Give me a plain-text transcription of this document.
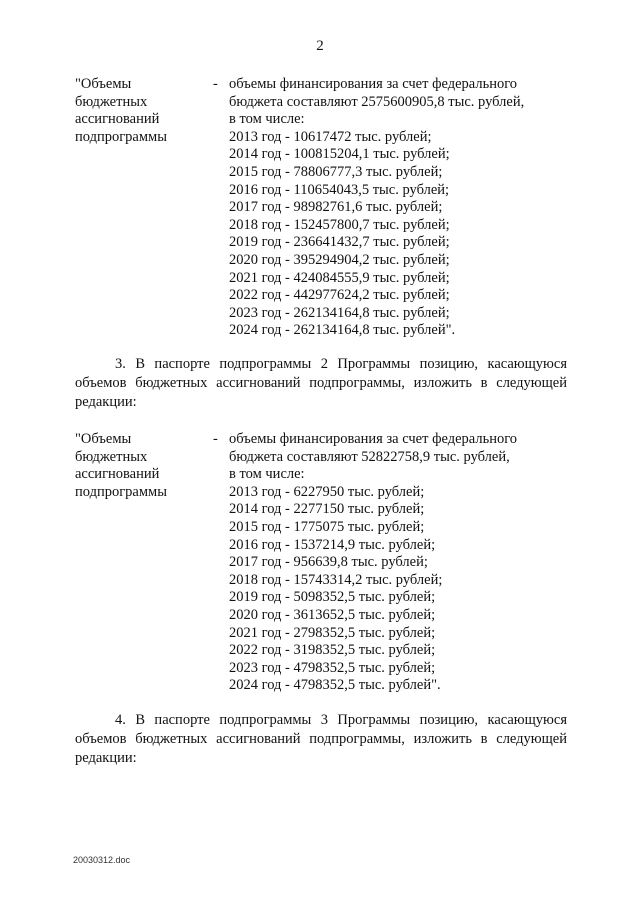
2
"Объемы
бюджетных
ассигнований
подпрограммы
- объемы финансирования за счет федерального
бюджета составляют 2575600905,8 тыс. рублей,
в том числе:
2013 год - 10617472 тыс. рублей;
2014 год - 100815204,1 тыс. рублей;
2015 год - 78806777,3 тыс. рублей;
2016 год - 110654043,5 тыс. рублей;
2017 год - 98982761,6 тыс. рублей;
2018 год - 152457800,7 тыс. рублей;
2019 год - 236641432,7 тыс. рублей;
2020 год - 395294904,2 тыс. рублей;
2021 год - 424084555,9 тыс. рублей;
2022 год - 442977624,2 тыс. рублей;
2023 год - 262134164,8 тыс. рублей;
2024 год - 262134164,8 тыс. рублей".
3. В паспорте подпрограммы 2 Программы позицию, касающуюся
объемов бюджетных ассигнований подпрограммы, изложить в следующей
редакции:
"Объемы
бюджетных
ассигнований
подпрограммы
- объемы финансирования за счет федерального
бюджета составляют 52822758,9 тыс. рублей,
в том числе:
2013 год - 6227950 тыс. рублей;
2014 год - 2277150 тыс. рублей;
2015 год - 1775075 тыс. рублей;
2016 год - 1537214,9 тыс. рублей;
2017 год - 956639,8 тыс. рублей;
2018 год - 15743314,2 тыс. рублей;
2019 год - 5098352,5 тыс. рублей;
2020 год - 3613652,5 тыс. рублей;
2021 год - 2798352,5 тыс. рублей;
2022 год - 3198352,5 тыс. рублей;
2023 год - 4798352,5 тыс. рублей;
2024 год - 4798352,5 тыс. рублей".
4. В паспорте подпрограммы 3 Программы позицию, касающуюся
объемов бюджетных ассигнований подпрограммы, изложить в следующей
редакции:
20030312.doc
